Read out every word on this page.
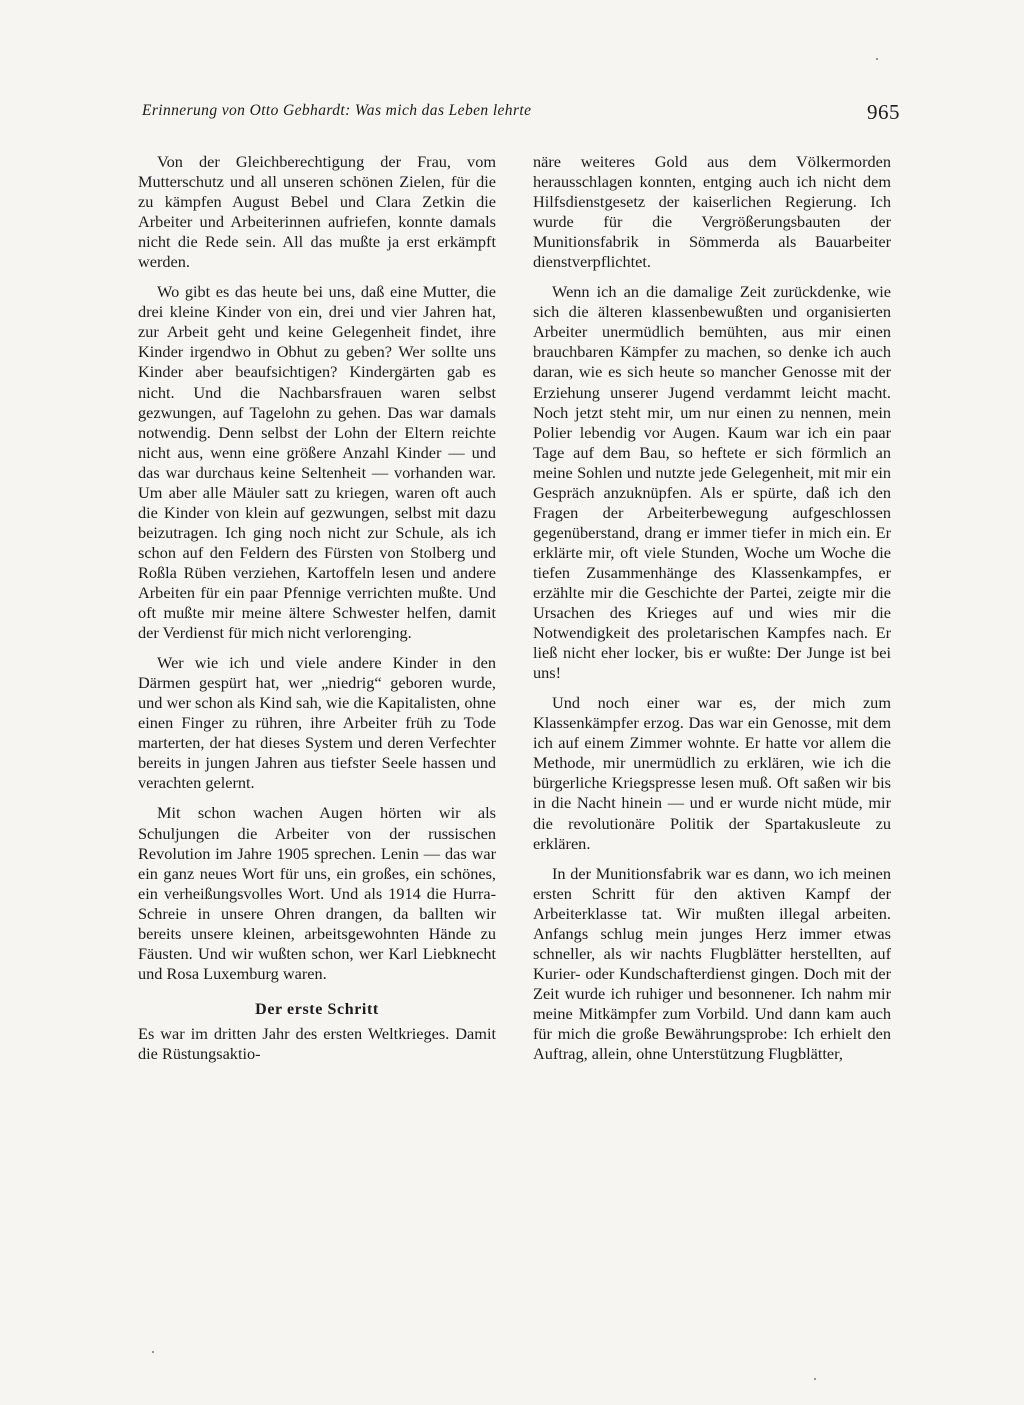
Erinnerung von Otto Gebhardt: Was mich das Leben lehrte	965

Von der Gleichberechtigung der Frau, vom Mutterschutz und all unseren schönen Zielen, für die zu kämpfen August Bebel und Clara Zetkin die Arbeiter und Arbeiterinnen aufriefen, konnte damals nicht die Rede sein. All das mußte ja erst erkämpft werden.

Wo gibt es das heute bei uns, daß eine Mutter, die drei kleine Kinder von ein, drei und vier Jahren hat, zur Arbeit geht und keine Gelegenheit findet, ihre Kinder irgendwo in Obhut zu geben? Wer sollte uns Kinder aber beaufsichtigen? Kindergärten gab es nicht. Und die Nachbarsfrauen waren selbst gezwungen, auf Tagelohn zu gehen. Das war damals notwendig. Denn selbst der Lohn der Eltern reichte nicht aus, wenn eine größere Anzahl Kinder — und das war durchaus keine Seltenheit — vorhanden war. Um aber alle Mäuler satt zu kriegen, waren oft auch die Kinder von klein auf gezwungen, selbst mit dazu beizutragen. Ich ging noch nicht zur Schule, als ich schon auf den Feldern des Fürsten von Stolberg und Roßla Rüben verziehen, Kartoffeln lesen und andere Arbeiten für ein paar Pfennige verrichten mußte. Und oft mußte mir meine ältere Schwester helfen, damit der Verdienst für mich nicht verlorenging.

Wer wie ich und viele andere Kinder in den Därmen gespürt hat, wer „niedrig“ geboren wurde, und wer schon als Kind sah, wie die Kapitalisten, ohne einen Finger zu rühren, ihre Arbeiter früh zu Tode marterten, der hat dieses System und deren Verfechter bereits in jungen Jahren aus tiefster Seele hassen und verachten gelernt.

Mit schon wachen Augen hörten wir als Schuljungen die Arbeiter von der russischen Revolution im Jahre 1905 sprechen. Lenin — das war ein ganz neues Wort für uns, ein großes, ein schönes, ein verheißungsvolles Wort. Und als 1914 die Hurra-Schreie in unsere Ohren drangen, da ballten wir bereits unsere kleinen, arbeitsgewohnten Hände zu Fäusten. Und wir wußten schon, wer Karl Liebknecht und Rosa Luxemburg waren.

Der erste Schritt

Es war im dritten Jahr des ersten Weltkrieges. Damit die Rüstungsaktio-

näre weiteres Gold aus dem Völkermorden herausschlagen konnten, entging auch ich nicht dem Hilfsdienstgesetz der kaiserlichen Regierung. Ich wurde für die Vergrößerungsbauten der Munitionsfabrik in Sömmerda als Bauarbeiter dienstverpflichtet.

Wenn ich an die damalige Zeit zurückdenke, wie sich die älteren klassenbewußten und organisierten Arbeiter unermüdlich bemühten, aus mir einen brauchbaren Kämpfer zu machen, so denke ich auch daran, wie es sich heute so mancher Genosse mit der Erziehung unserer Jugend verdammt leicht macht. Noch jetzt steht mir, um nur einen zu nennen, mein Polier lebendig vor Augen. Kaum war ich ein paar Tage auf dem Bau, so heftete er sich förmlich an meine Sohlen und nutzte jede Gelegenheit, mit mir ein Gespräch anzuknüpfen. Als er spürte, daß ich den Fragen der Arbeiterbewegung aufgeschlossen gegenüberstand, drang er immer tiefer in mich ein. Er erklärte mir, oft viele Stunden, Woche um Woche die tiefen Zusammenhänge des Klassenkampfes, er erzählte mir die Geschichte der Partei, zeigte mir die Ursachen des Krieges auf und wies mir die Notwendigkeit des proletarischen Kampfes nach. Er ließ nicht eher locker, bis er wußte: Der Junge ist bei uns!

Und noch einer war es, der mich zum Klassenkämpfer erzog. Das war ein Genosse, mit dem ich auf einem Zimmer wohnte. Er hatte vor allem die Methode, mir unermüdlich zu erklären, wie ich die bürgerliche Kriegspresse lesen muß. Oft saßen wir bis in die Nacht hinein — und er wurde nicht müde, mir die revolutionäre Politik der Spartakusleute zu erklären.

In der Munitionsfabrik war es dann, wo ich meinen ersten Schritt für den aktiven Kampf der Arbeiterklasse tat. Wir mußten illegal arbeiten. Anfangs schlug mein junges Herz immer etwas schneller, als wir nachts Flugblätter herstellten, auf Kurier- oder Kundschafterdienst gingen. Doch mit der Zeit wurde ich ruhiger und besonnener. Ich nahm mir meine Mitkämpfer zum Vorbild. Und dann kam auch für mich die große Bewährungsprobe: Ich erhielt den Auftrag, allein, ohne Unterstützung Flugblätter,
